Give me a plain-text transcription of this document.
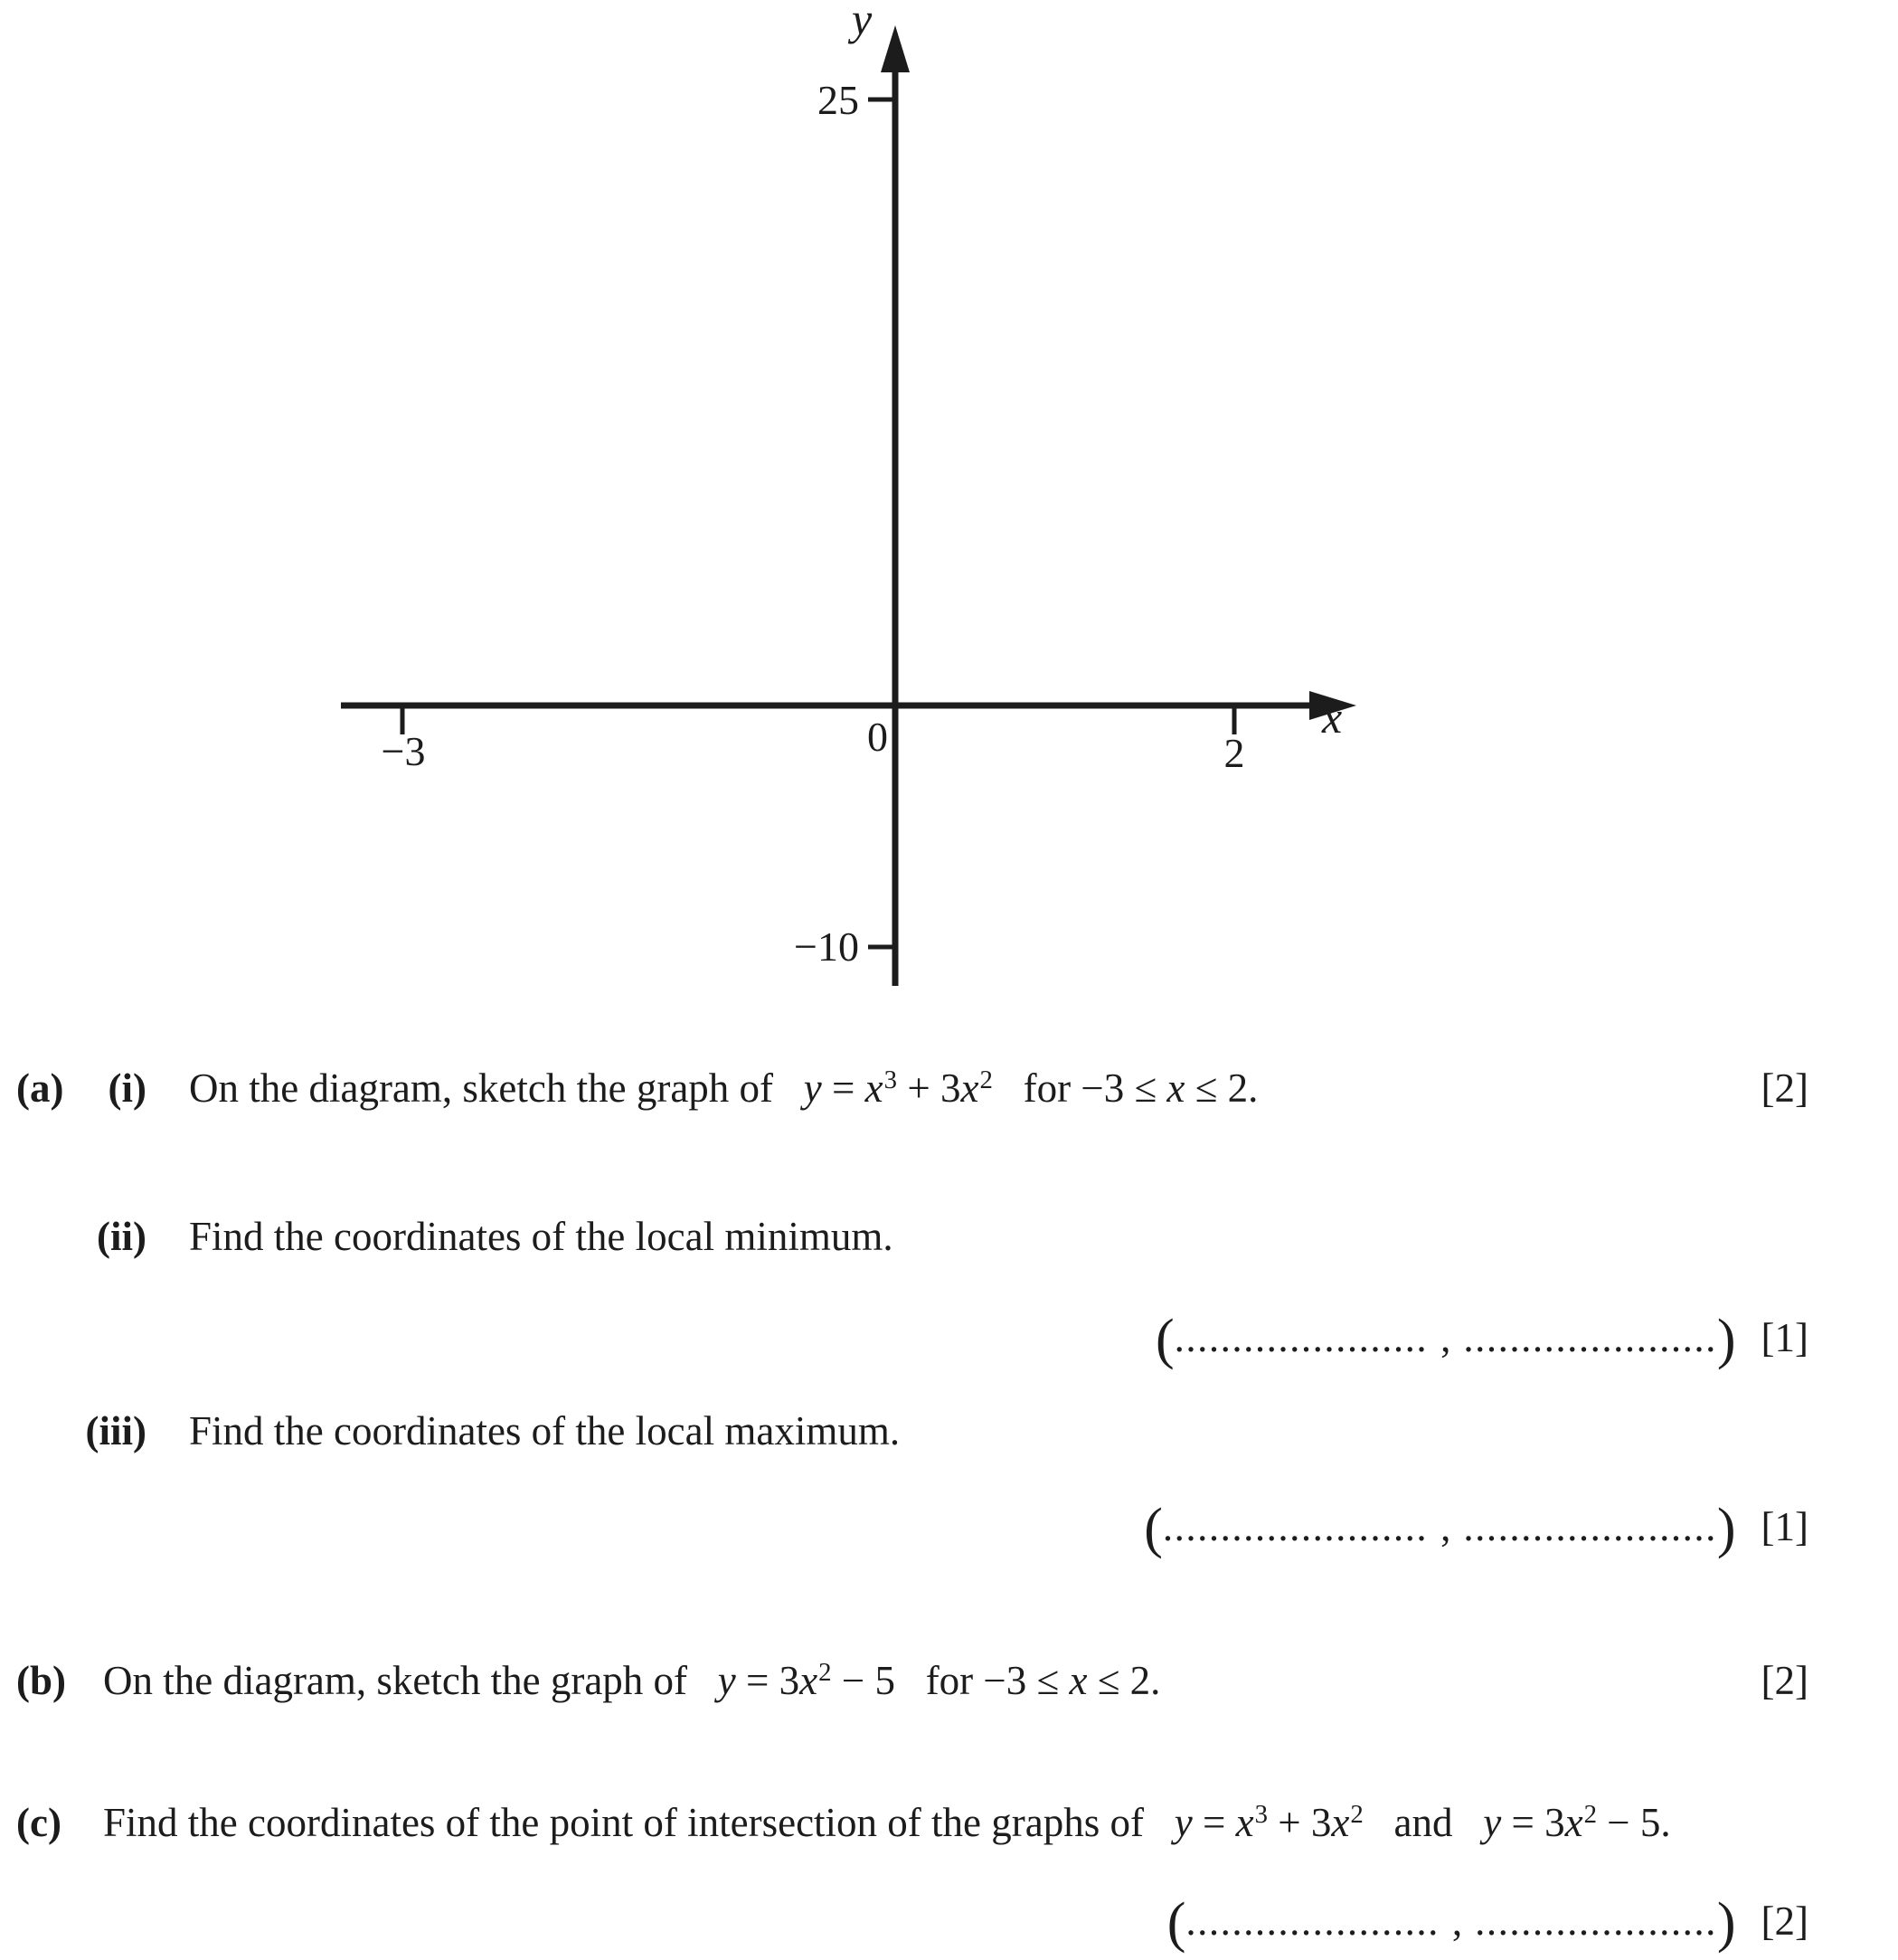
y
25
−10
0
−3	2
x
(a)	(i) On the diagram, sketch the graph of   $y = x^3 + 3x^2$   for −3 ≤ x ≤ 2.	[2]
(ii) Find the coordinates of the local minimum.
(...................... , ......................) [1]
(iii) Find the coordinates of the local maximum.
(....................... , ......................) [1]
(b) On the diagram, sketch the graph of   $y = 3x^2 - 5$   for −3 ≤ x ≤ 2.	[2]
(c) Find the coordinates of the point of intersection of the graphs of   $y = x^3 + 3x^2$   and   $y = 3x^2 - 5$.
(...................... , .....................) [2]
